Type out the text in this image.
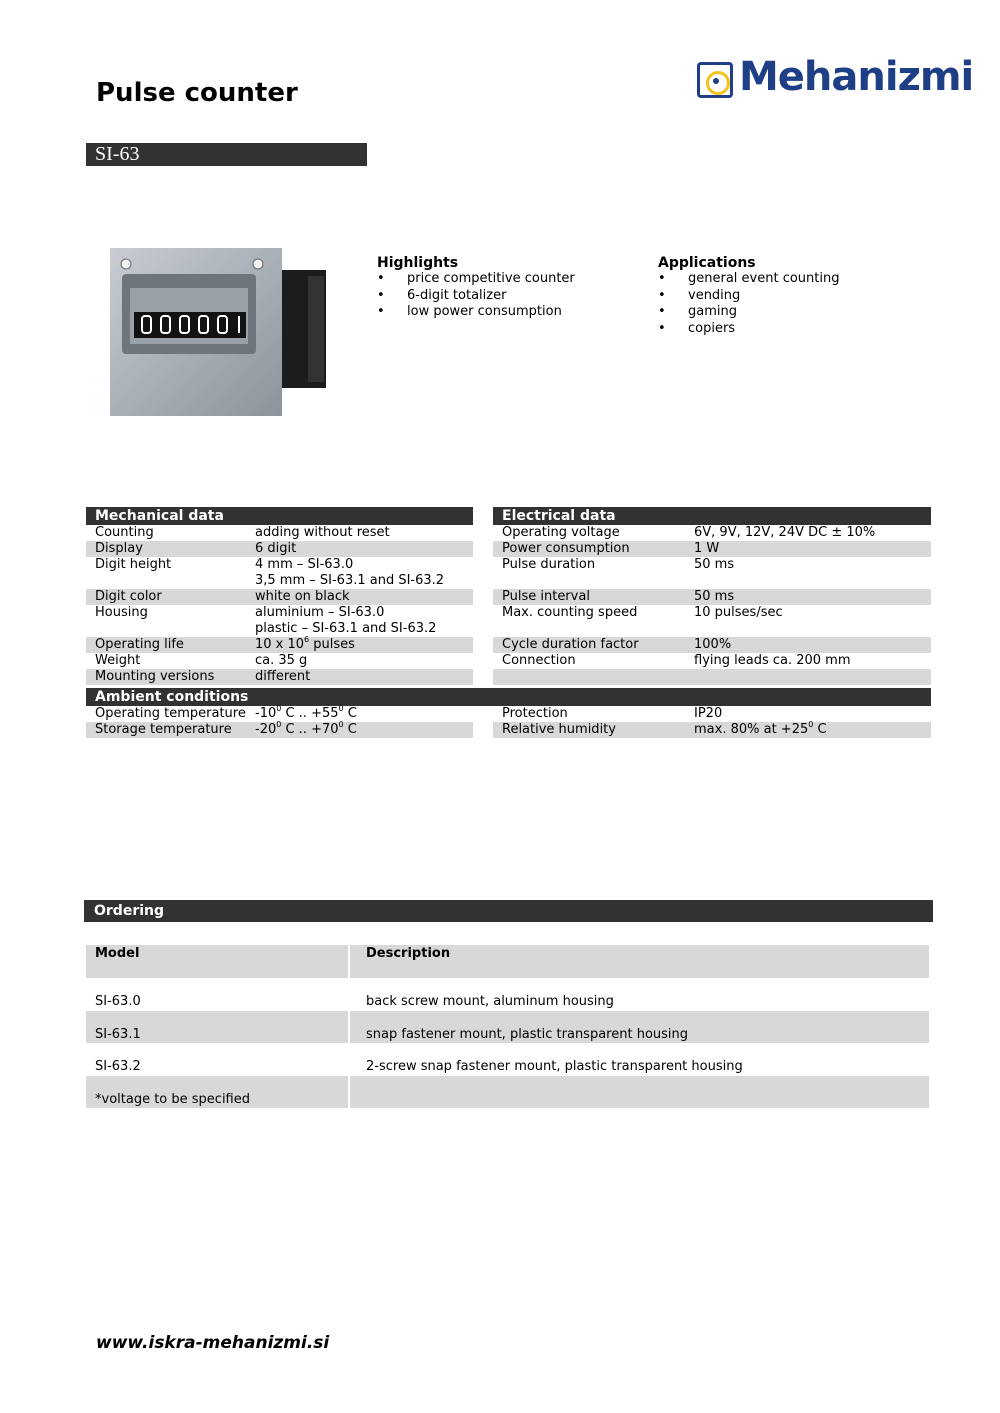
Pulse counter	Mehanizmi
SI-63
Highlights
• price competitive counter
• 6-digit totalizer
• low power consumption
Applications
• general event counting
• vending
• gaming
• copiers
Mechanical data	
Counting	adding without reset
Display	6 digit
Digit height	4 mm – SI-63.0
3,5 mm – SI-63.1 and SI-63.2

Digit color	white on black
Housing	aluminium – SI-63.0
plastic – SI-63.1 and SI-63.2

Operating life	10 x $10^6$ pulses
Weight	ca. 35 g
Mounting versions	different
Electrical data	
Operating voltage	6V, 9V, 12V, 24V DC ± 10%
Power consumption	1 W
Pulse duration	50 ms
Pulse interval	50 ms
Max. counting speed	10 pulses/sec
Cycle duration factor	100%
Connection	flying leads ca. 200 mm

Ambient conditions
Operating temperature	$-10^0$ C .. $+55^0$ C
Storage temperature	$-20^0$ C .. $+70^0$ C
Protection	IP20
Relative humidity	max. 80% at $+25^0$ C
Ordering
Model	Description
SI-63.0	back screw mount, aluminum housing
SI-63.1	snap fastener mount, plastic transparent housing
SI-63.2	2-screw snap fastener mount, plastic transparent housing
*voltage to be specified
www.iskra-mehanizmi.si
